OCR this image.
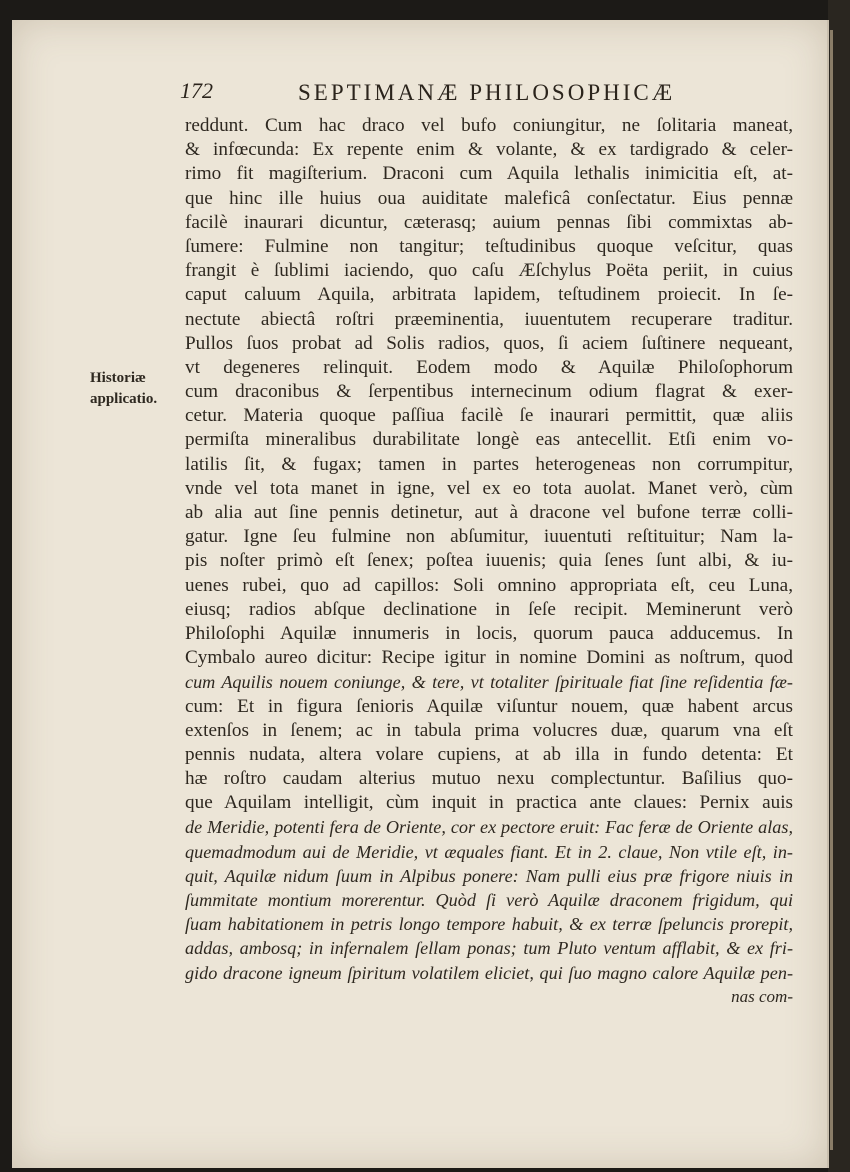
172	SEPTIMANÆ PHILOSOPHICÆ
Historiæ
applicatio.
reddunt. Cum hac draco vel bufo coniungitur, ne ſolitaria maneat,
& infœcunda: Ex repente enim & volante, & ex tardigrado & celer-
rimo fit magiſterium. Draconi cum Aquila lethalis inimicitia eſt, at-
que hinc ille huius oua auiditate maleficâ conſectatur. Eius pennæ
facilè inaurari dicuntur, cæterasq; auium pennas ſibi commixtas ab-
ſumere: Fulmine non tangitur; teſtudinibus quoque veſcitur, quas
frangit è ſublimi iaciendo, quo caſu Æſchylus Poëta periit, in cuius
caput caluum Aquila, arbitrata lapidem, teſtudinem proiecit. In ſe-
nectute abiectâ roſtri præeminentia, iuuentutem recuperare traditur.
Pullos ſuos probat ad Solis radios, quos, ſi aciem ſuſtinere nequeant,
vt degeneres relinquit. Eodem modo & Aquilæ Philoſophorum
cum draconibus & ſerpentibus internecinum odium flagrat & exer-
cetur. Materia quoque paſſiua facilè ſe inaurari permittit, quæ aliis
permiſta mineralibus durabilitate longè eas antecellit. Etſi enim vo-
latilis ſit, & fugax; tamen in partes heterogeneas non corrumpitur,
vnde vel tota manet in igne, vel ex eo tota auolat. Manet verò, cùm
ab alia aut ſine pennis detinetur, aut à dracone vel bufone terræ colli-
gatur. Igne ſeu fulmine non abſumitur, iuuentuti reſtituitur; Nam la-
pis noſter primò eſt ſenex; poſtea iuuenis; quia ſenes ſunt albi, & iu-
uenes rubei, quo ad capillos: Soli omnino appropriata eſt, ceu Luna,
eiusq; radios abſque declinatione in ſeſe recipit. Meminerunt verò
Philoſophi Aquilæ innumeris in locis, quorum pauca adducemus. In
Cymbalo aureo dicitur: Recipe igitur in nomine Domini as noſtrum, quod
cum Aquilis nouem coniunge, & tere, vt totaliter ſpirituale fiat ſine reſidentia fæ-
cum: Et in figura ſenioris Aquilæ viſuntur nouem, quæ habent arcus
extenſos in ſenem; ac in tabula prima volucres duæ, quarum vna eſt
pennis nudata, altera volare cupiens, at ab illa in fundo detenta: Et
hæ roſtro caudam alterius mutuo nexu complectuntur. Baſilius quo-
que Aquilam intelligit, cùm inquit in practica ante claues: Pernix auis
de Meridie, potenti fera de Oriente, cor ex pectore eruit: Fac feræ de Oriente alas,
quemadmodum aui de Meridie, vt æquales fiant. Et in 2. claue, Non vtile eſt, in-
quit, Aquilæ nidum ſuum in Alpibus ponere: Nam pulli eius præ frigore niuis in
ſummitate montium morerentur. Quòd ſi verò Aquilæ draconem frigidum, qui
ſuam habitationem in petris longo tempore habuit, & ex terræ ſpeluncis prorepit,
addas, ambosq; in infernalem ſellam ponas; tum Pluto ventum afflabit, & ex fri-
gido dracone igneum ſpiritum volatilem eliciet, qui ſuo magno calore Aquilæ pen-
nas com-
